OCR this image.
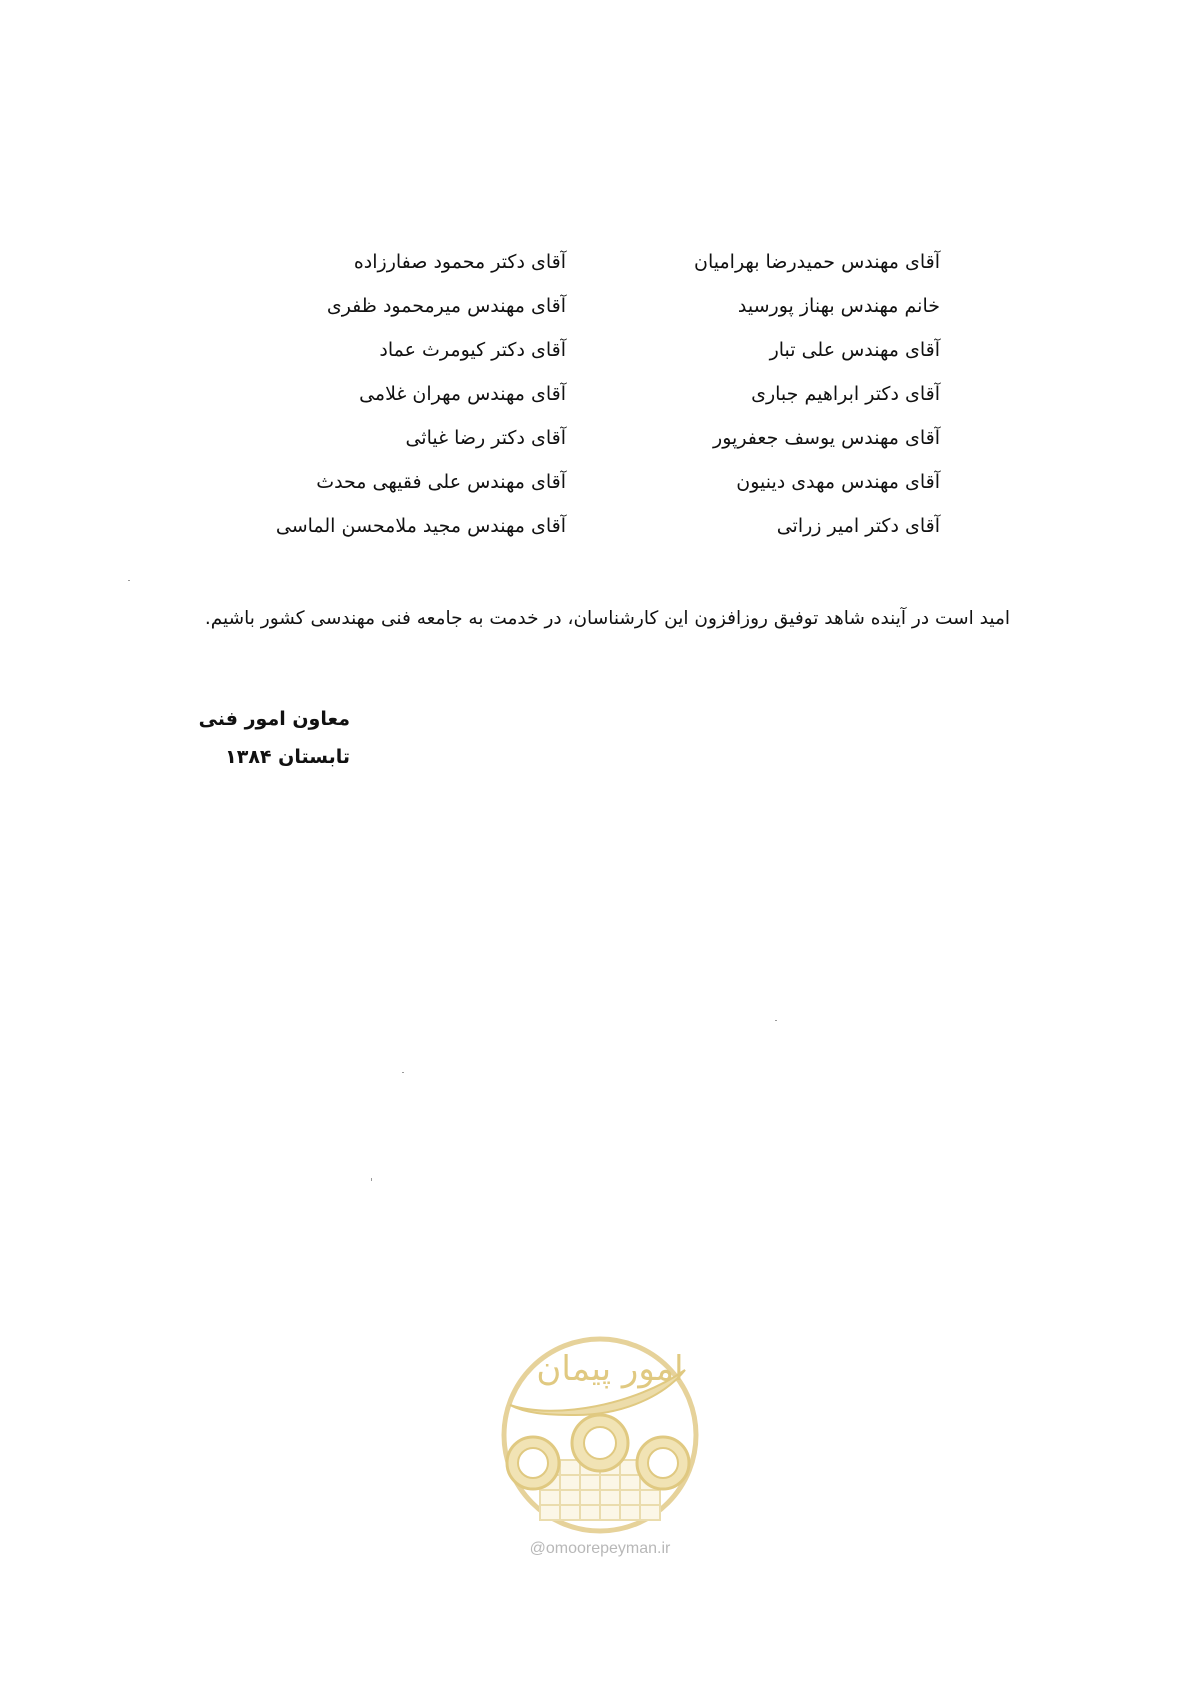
آقای مهندس حمیدرضا بهرامیان
خانم مهندس بهناز پورسید
آقای مهندس علی تبار
آقای دکتر ابراهیم جباری
آقای مهندس یوسف جعفرپور
آقای مهندس مهدی دینیون
آقای دکتر امیر زراتی
آقای دکتر محمود صفارزاده
آقای مهندس میرمحمود ظفری
آقای دکتر کیومرث عماد
آقای مهندس مهران غلامی
آقای دکتر رضا غیاثی
آقای مهندس علی فقیهی محدث
آقای مهندس مجید ملامحسن الماسی
امید است در آینده شاهد توفیق روزافزون این کارشناسان، در خدمت به جامعه فنی مهندسی کشور باشیم.
معاون امور فنی
تابستان ۱۳۸۴
امور پیمان
@omoorepeyman.ir
